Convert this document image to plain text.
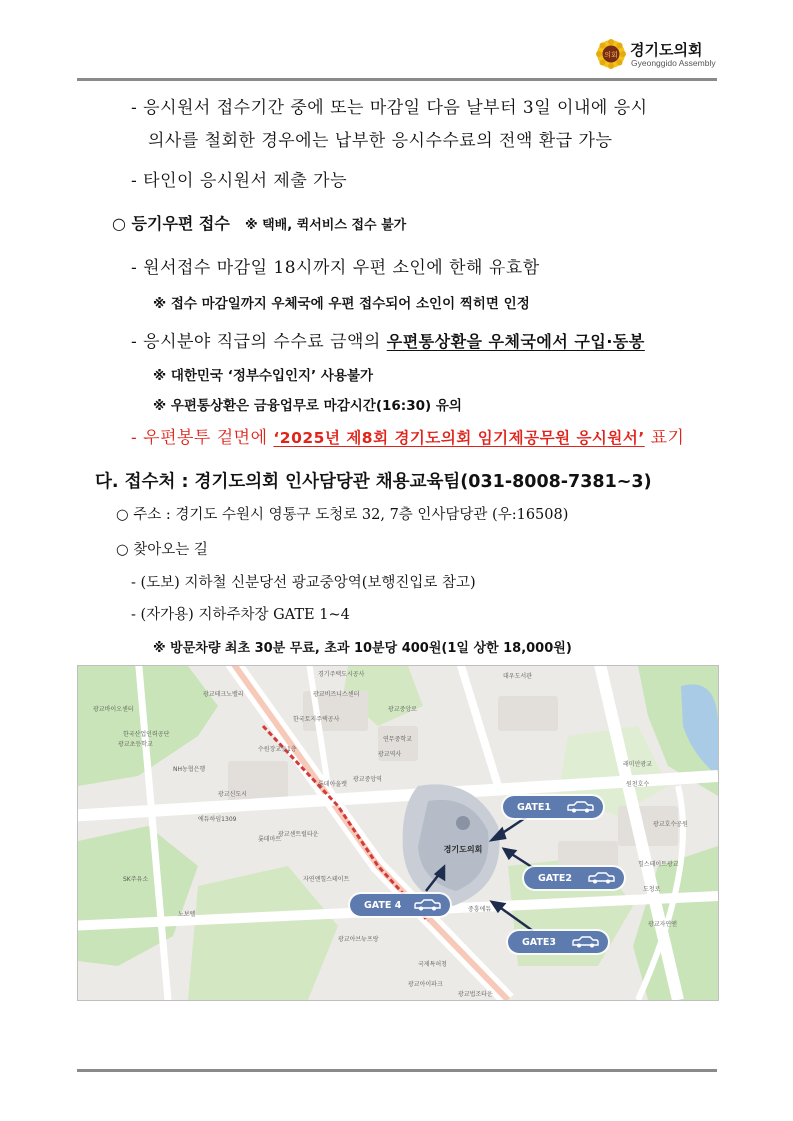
의회 경기도의회
Gyeonggido Assembly
- 응시원서 접수기간 중에 또는 마감일 다음 날부터 3일 이내에 응시
의사를 철회한 경우에는 납부한 응시수수료의 전액 환급 가능
- 타인이 응시원서 제출 가능
○ 등기우편 접수 ※ 택배, 퀵서비스 접수 불가
- 원서접수 마감일 18시까지 우편 소인에 한해 유효함
※ 접수 마감일까지 우체국에 우편 접수되어 소인이 찍히면 인정
- 응시분야 직급의 수수료 금액의 우편통상환을 우체국에서 구입·동봉
※ 대한민국 ‘정부수입인지’ 사용불가
※ 우편통상환은 금융업무로 마감시간(16:30) 유의
- 우편봉투 겉면에 ‘2025년 제8회 경기도의회 임기제공무원 응시원서’ 표기
다. 접수처 : 경기도의회 인사담당관 채용교육팀(031-8008-7381~3)
○ 주소 : 경기도 수원시 영통구 도청로 32, 7층 인사담당관 (우:16508)
○ 찾아오는 길
- (도보) 지하철 신분당선 광교중앙역(보행진입로 참고)
- (자가용) 지하주차장 GATE 1~4
※ 방문차량 최초 30분 무료, 초과 10분당 400원(1일 상한 18,000원)
경기도의회
경기주택도시공사
광교바이오센터
광교비즈니스센터
한국토지주택공사
수원장교동1층
광교중앙역
원천호수
광교역사
대우도서관
래미안광교
에듀하임1309
광교신도시
자연앤힐스테이트
광교중앙로
광교호수공원
NH농협은행
연무중학교
광교초등학교
국제특허청
SK주유소
한국산업인력공단
광교테크노밸리
힐스테이트광교
광교센트럴타운
도청로
광교아이파크
광교법조타운
중흥에듀
롯데아울렛
롯데마트
노보텔
광교아브뉴프랑
광교자연앤
GATE1
GATE2
GATE3
GATE 4
